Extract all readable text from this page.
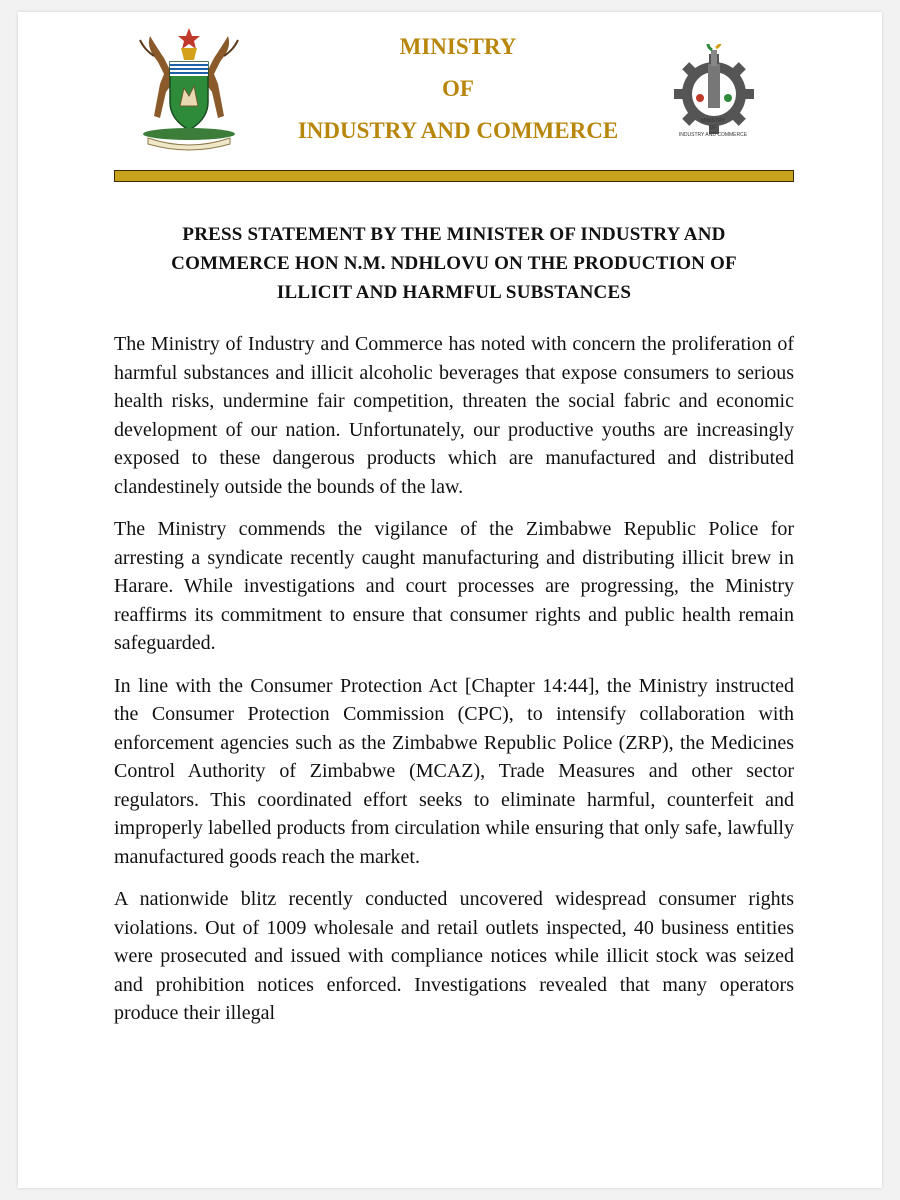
MINISTRY
OF
INDUSTRY AND COMMERCE	MINISTRY
OF
INDUSTRY AND COMMERCE
PRESS STATEMENT BY THE MINISTER OF INDUSTRY AND
COMMERCE HON N.M. NDHLOVU ON THE PRODUCTION OF
ILLICIT AND HARMFUL SUBSTANCES

The Ministry of Industry and Commerce has noted with concern the proliferation of harmful substances and illicit alcoholic beverages that expose consumers to serious health risks, undermine fair competition, threaten the social fabric and economic development of our nation. Unfortunately, our productive youths are increasingly exposed to these dangerous products which are manufactured and distributed clandestinely outside the bounds of the law.

The Ministry commends the vigilance of the Zimbabwe Republic Police for arresting a syndicate recently caught manufacturing and distributing illicit brew in Harare. While investigations and court processes are progressing, the Ministry reaffirms its commitment to ensure that consumer rights and public health remain safeguarded.

In line with the Consumer Protection Act [Chapter 14:44], the Ministry instructed the Consumer Protection Commission (CPC), to intensify collaboration with enforcement agencies such as the Zimbabwe Republic Police (ZRP), the Medicines Control Authority of Zimbabwe (MCAZ), Trade Measures and other sector regulators. This coordinated effort seeks to eliminate harmful, counterfeit and improperly labelled products from circulation while ensuring that only safe, lawfully manufactured goods reach the market.

A nationwide blitz recently conducted uncovered widespread consumer rights violations. Out of 1009 wholesale and retail outlets inspected, 40 business entities were prosecuted and issued with compliance notices while illicit stock was seized and prohibition notices enforced. Investigations revealed that many operators produce their illegal
